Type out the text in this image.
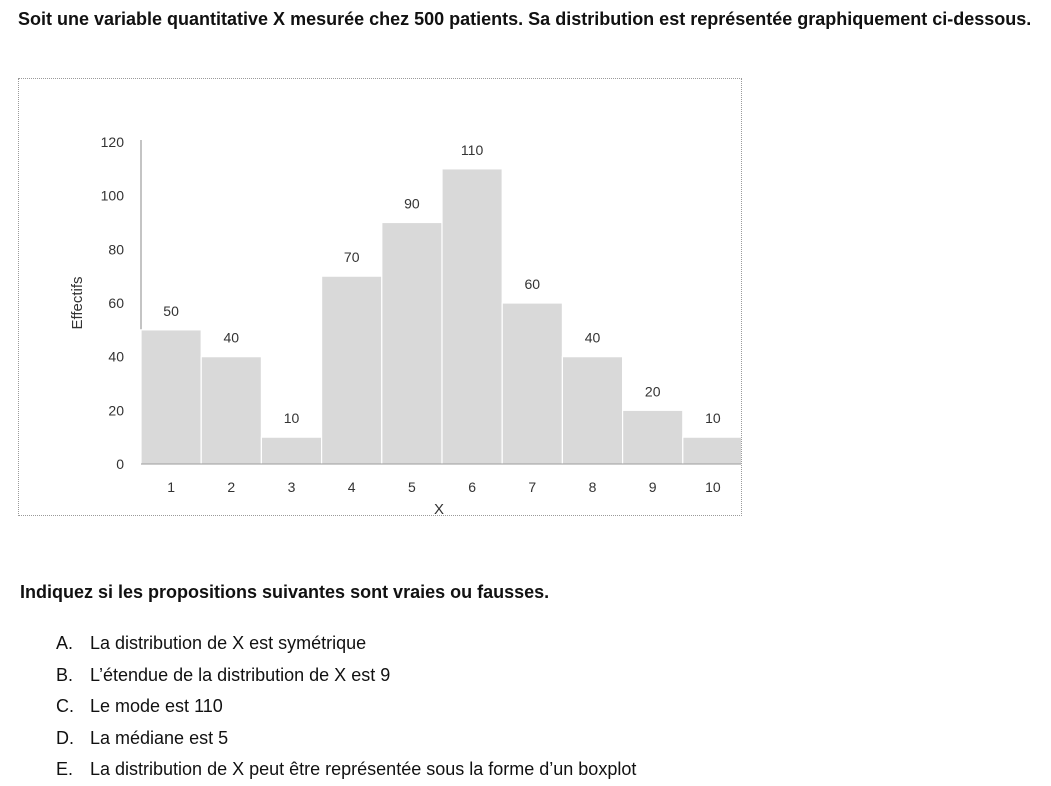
Soit une variable quantitative X mesurée chez 500 patients. Sa distribution est représentée graphiquement ci-dessous.

0
20
40
60
80
100
120
50
1
40
2
10
3
70
4
90
5
110
6
60
7
40
8
20
9
10
10
X
Effectifs

Indiquez si les propositions suivantes sont vraies ou fausses.

A. La distribution de X est symétrique
B. L’étendue de la distribution de X est 9
C. Le mode est 110
D. La médiane est 5
E. La distribution de X peut être représentée sous la forme d’un boxplot
